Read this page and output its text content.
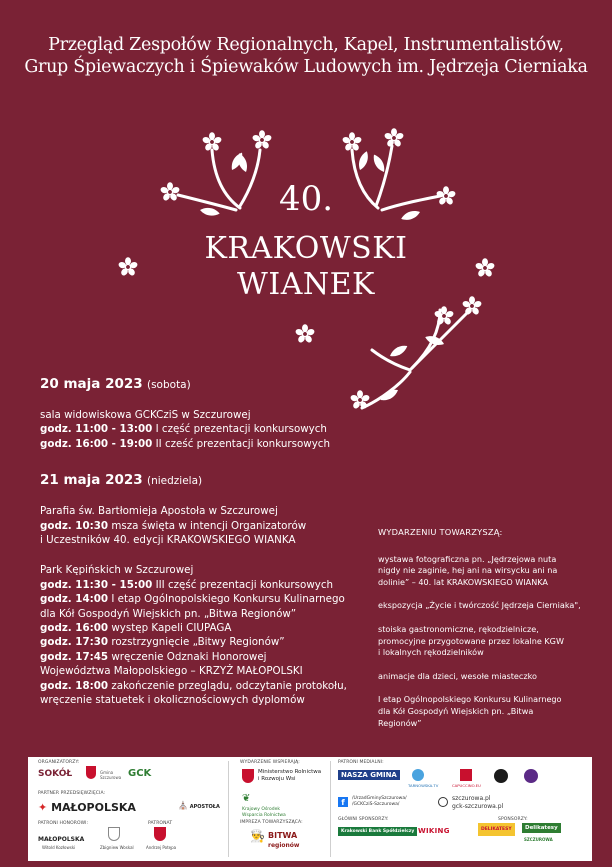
Przegląd Zespołów Regionalnych, Kapel, Instrumentalistów,
Grup Śpiewaczych i Śpiewaków Ludowych im. Jędrzeja Cierniaka
40.
KRAKOWSKI
WIANEK
20 maja 2023 (sobota)
sala widowiskowa GCKCziS w Szczurowej
godz. 11:00 - 13:00 I część prezentacji konkursowych
godz. 16:00 - 19:00 II cześć prezentacji konkursowych
21 maja 2023 (niedziela)
Parafia św. Bartłomieja Apostoła w Szczurowej
godz. 10:30 msza święta w intencji Organizatorów
i Uczestników 40. edycji KRAKOWSKIEGO WIANKA
Park Kępińskich w Szczurowej
godz. 11:30 - 15:00 III część prezentacji konkursowych
godz. 14:00 I etap Ogólnopolskiego Konkursu Kulinarnego
dla Kół Gospodyń Wiejskich pn. „Bitwa Regionów”
godz. 16:00 występ Kapeli CIUPAGA
godz. 17:30 rozstrzygnięcie „Bitwy Regionów”
godz. 17:45 wręczenie Odznaki Honorowej
Województwa Małopolskiego – KRZYŻ MAŁOPOLSKI
godz. 18:00 zakończenie przeglądu, odczytanie protokołu,
wręczenie statuetek i okolicznościowych dyplomów
WYDARZENIU TOWARZYSZĄ:

wystawa fotograficzna pn. „Jędrzejowa nuta
nigdy nie zaginie, hej ani na wirsycku ani na
dolinie” – 40. lat KRAKOWSKIEGO WIANKA

ekspozycja „Życie i twórczość Jędrzeja Cierniaka",

stoiska gastronomiczne, rękodzielnicze,
promocyjne przygotowane przez lokalne KGW
i lokalnych rękodzielników

animacje dla dzieci, wesołe miasteczko

I etap Ogólnopolskiego Konkursu Kulinarnego
dla Kół Gospodyń Wiejskich pn. „Bitwa
Regionów”

ORGANIZATORZY:
SOKÓŁ	Gmina Szczurowa GCK
PARTNER PRZEDSIĘWZIĘCIA:
✦ MAŁOPOLSKA	⛪ APOSTOŁA
PATRONI HONOROWI:	PATRONAT
MAŁOPOLSKA
Witold Kozłowski	Zbigniew Woskal	Andrzej Potępa
WYDARZENIE WSPIERAJĄ:
Ministerstwo Rolnictwa
i Rozwoju Wsi
❦
Krajowy Ośrodek
Wsparcia Rolnictwa
IMPREZA TOWARZYSZĄCA:
👨‍🍳 BITWA
regionów
PATRONI MEDIALNI:
NASZA GMINA
TARNOWSKA.TV	CAPUCCINO.EU
f	/UrzadGminySzczurowa/
/GCKCziS-Szczurowa/
szczurowa.pl
gck-szczurowa.pl
GŁÓWNI SPONSORZY:	SPONSORZY:
Krakowski Bank Spółdzielczy WIKING	DELIKATESY	Delikatesy
SZCZUROWA
